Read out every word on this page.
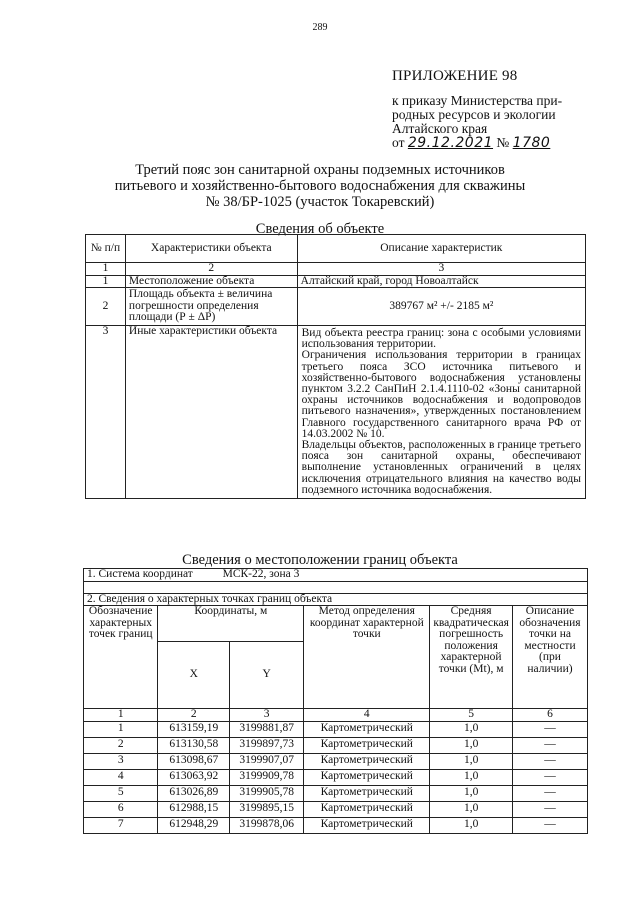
289
ПРИЛОЖЕНИЕ 98
к приказу Министерства при-
родных ресурсов и экологии
Алтайского края
от 29.12.2021 № 1780
Третий пояс зон санитарной охраны подземных источников питьевого и хозяйственно-бытового водоснабжения для скважины № 38/БР-1025 (участок Токаревский)
Сведения об объекте
№ п/п	Характеристики объекта	Описание характеристик
1	2	3
1	Местоположение объекта	Алтайский край, город Новоалтайск
2	Площадь объекта ± величина погрешности определения площади (Р ± ΔР)	389767 м² +/- 2185 м²
3	Иные характеристики объекта	Вид объекта реестра границ: зона с особыми условиями использования территории.
Ограничения использования территории в границах третьего пояса ЗСО источника питьевого и хозяйственно-бытового водоснабжения установлены пунктом 3.2.2 СанПиН 2.1.4.1110-02 «Зоны санитарной охраны источников водоснабжения и водопроводов питьевого назначения», утвержденных постановлением Главного государственного санитарного врача РФ от 14.03.2002 № 10.
Владельцы объектов, расположенных в границе третьего пояса зон санитарной охраны, обеспечивают выполнение установленных ограничений в целях исключения отрицательного влияния на качество воды подземного источника водоснабжения.
Сведения о местоположении границ объекта
1. Система координат МСК-22, зона 3					

2. Сведения о характерных точках границ объекта					
Обозначение характерных точек границ	Координаты, м		Метод определения координат характерной точки	Средняя квадратическая погрешность положения характерной точки (Mt), м	Описание обозначения точки на местности (при наличии)
	X	Y			
1	2	3	4	5	6
1	613159,19	3199881,87	Картометрический	1,0	—
2	613130,58	3199897,73	Картометрический	1,0	—
3	613098,67	3199907,07	Картометрический	1,0	—
4	613063,92	3199909,78	Картометрический	1,0	—
5	613026,89	3199905,78	Картометрический	1,0	—
6	612988,15	3199895,15	Картометрический	1,0	—
7	612948,29	3199878,06	Картометрический	1,0	—
